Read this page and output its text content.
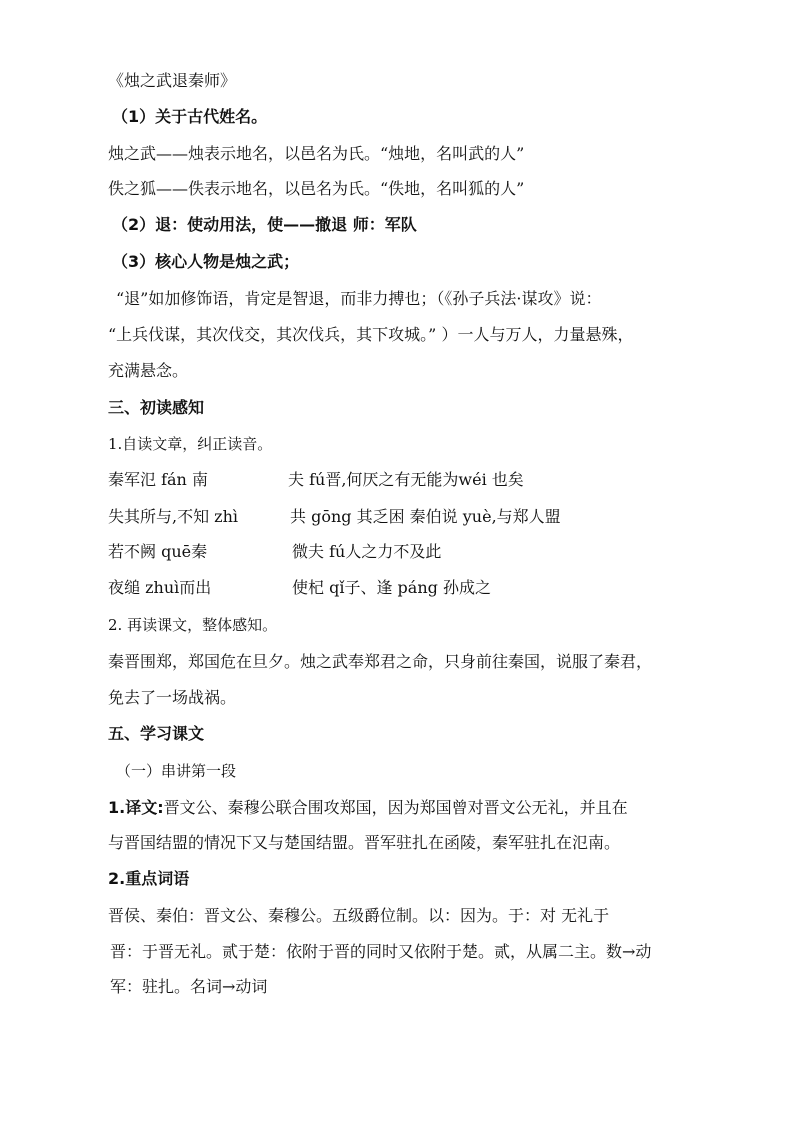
《烛之武退秦师》

（1）关于古代姓名。

烛之武——烛表示地名，以邑名为氏。“烛地，名叫武的人”

佚之狐——佚表示地名，以邑名为氏。“佚地，名叫狐的人”

（2）退：使动用法，使——撤退 师：军队

（3）核心人物是烛之武；

“退”如加修饰语，肯定是智退，而非力搏也；（《孙子兵法·谋攻》说：

“上兵伐谋，其次伐交，其次伐兵，其下攻城。” ）一人与万人，力量悬殊，

充满悬念。

三、初读感知

1.自读文章，纠正读音。

秦军氾 fán 南	夫 fú晋,何厌之有无能为wéi 也矣

失其所与,不知 zhì	共 gōng 其乏困 秦伯说 yuè,与郑人盟

若不阙 quē秦	微夫 fú人之力不及此

夜缒 zhuì而出	使杞 qǐ子、逢 páng 孙成之

2. 再读课文，整体感知。

秦晋围郑，郑国危在旦夕。烛之武奉郑君之命，只身前往秦国，说服了秦君，

免去了一场战祸。

五、学习课文

（一）串讲第一段

1.译文:晋文公、秦穆公联合围攻郑国，因为郑国曾对晋文公无礼，并且在

与晋国结盟的情况下又与楚国结盟。晋军驻扎在函陵，秦军驻扎在氾南。

2.重点词语

晋侯、秦伯：晋文公、秦穆公。五级爵位制。以：因为。于：对 无礼于

晋：于晋无礼。贰于楚：依附于晋的同时又依附于楚。贰，从属二主。数→动

军：驻扎。名词→动词
